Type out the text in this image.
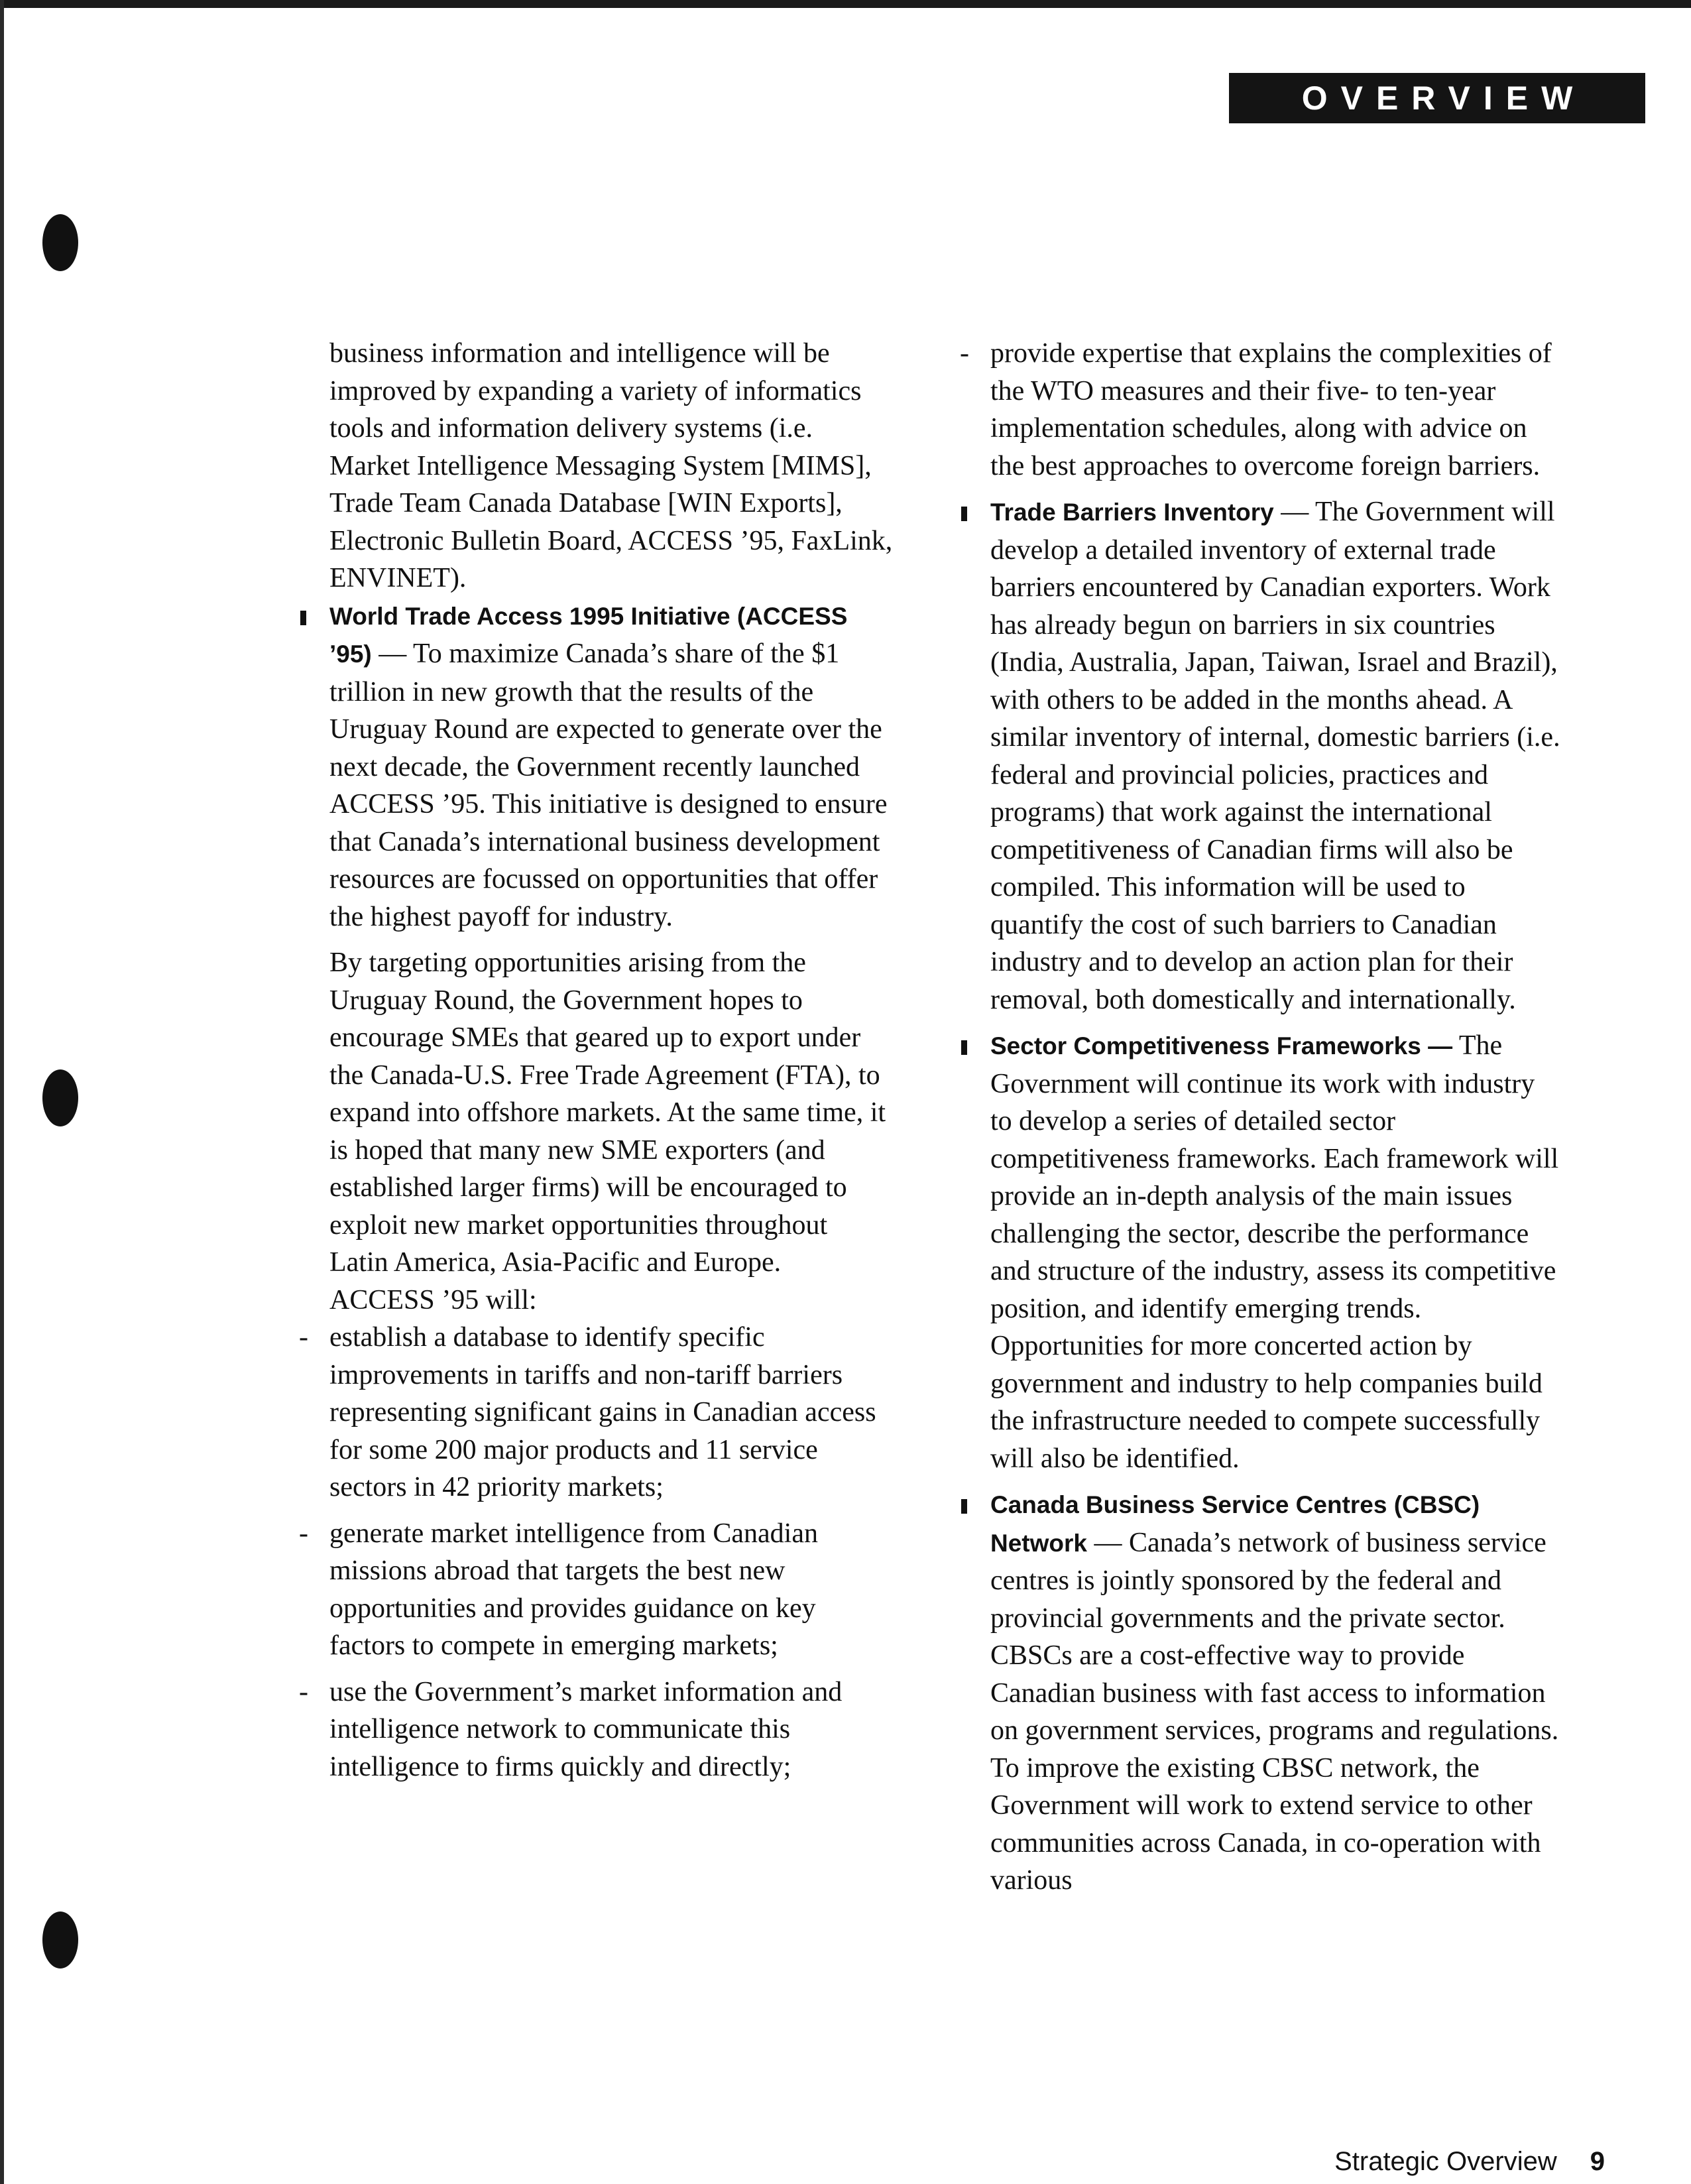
OVERVIEW

business information and intelligence will be improved by expanding a variety of informatics tools and information delivery systems (i.e. Market Intelligence Messaging System [MIMS], Trade Team Canada Database [WIN Exports], Electronic Bulletin Board, ACCESS ’95, FaxLink, ENVINET).

World Trade Access 1995 Initiative (ACCESS ’95) — To maximize Canada’s share of the $1 trillion in new growth that the results of the Uruguay Round are expected to generate over the next decade, the Government recently launched ACCESS ’95. This initiative is designed to ensure that Canada’s international business development resources are focussed on opportunities that offer the highest payoff for industry.

By targeting opportunities arising from the Uruguay Round, the Government hopes to encourage SMEs that geared up to export under the Canada-U.S. Free Trade Agreement (FTA), to expand into offshore markets. At the same time, it is hoped that many new SME exporters (and established larger firms) will be encouraged to exploit new market opportunities throughout Latin America, Asia-Pacific and Europe.

ACCESS ’95 will:

- establish a database to identify specific improvements in tariffs and non-tariff barriers representing significant gains in Canadian access for some 200 major products and 11 service sectors in 42 priority markets;
- generate market intelligence from Canadian missions abroad that targets the best new opportunities and provides guidance on key factors to compete in emerging markets;
- use the Government’s market information and intelligence network to communicate this intelligence to firms quickly and directly;
- provide expertise that explains the complexities of the WTO measures and their five- to ten-year implementation schedules, along with advice on the best approaches to overcome foreign barriers.
Trade Barriers Inventory — The Government will develop a detailed inventory of external trade barriers encountered by Canadian exporters. Work has already begun on barriers in six countries (India, Australia, Japan, Taiwan, Israel and Brazil), with others to be added in the months ahead. A similar inventory of internal, domestic barriers (i.e. federal and provincial policies, practices and programs) that work against the international competitiveness of Canadian firms will also be compiled. This information will be used to quantify the cost of such barriers to Canadian industry and to develop an action plan for their removal, both domestically and internationally.
Sector Competitiveness Frameworks — The Government will continue its work with industry to develop a series of detailed sector competitiveness frameworks. Each framework will provide an in-depth analysis of the main issues challenging the sector, describe the performance and structure of the industry, assess its competitive position, and identify emerging trends. Opportunities for more concerted action by government and industry to help companies build the infrastructure needed to compete successfully will also be identified.
Canada Business Service Centres (CBSC) Network — Canada’s network of business service centres is jointly sponsored by the federal and provincial governments and the private sector. CBSCs are a cost-effective way to provide Canadian business with fast access to information on government services, programs and regulations. To improve the existing CBSC network, the Government will work to extend service to other communities across Canada, in co-operation with various
Strategic Overview 9
